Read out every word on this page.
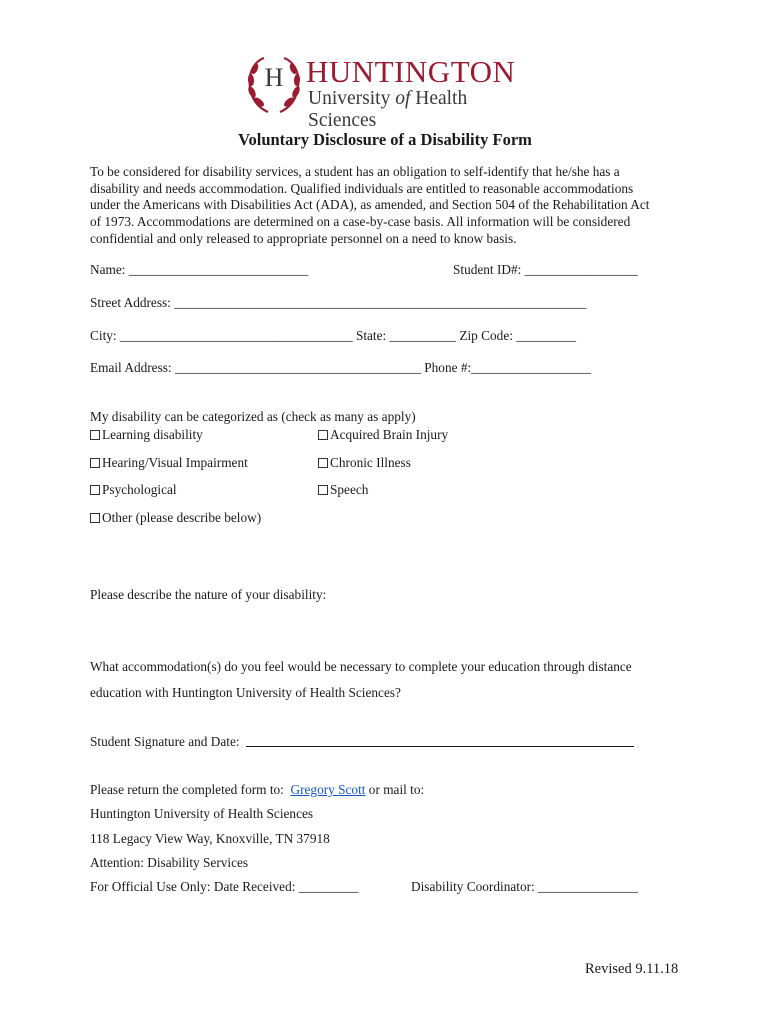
H HUNTINGTON
University of Health Sciences
Voluntary Disclosure of a Disability Form
To be considered for disability services, a student has an obligation to self-identify that he/she has a
disability and needs accommodation. Qualified individuals are entitled to reasonable accommodations
under the Americans with Disabilities Act (ADA), as amended, and Section 504 of the Rehabilitation Act
of 1973. Accommodations are determined on a case-by-case basis. All information will be considered
confidential and only released to appropriate personnel on a need to know basis.
Name: ___________________________	Student ID#: _________________
Street Address: ______________________________________________________________
City: ___________________________________ State: __________ Zip Code: _________
Email Address: _____________________________________ Phone #:__________________
My disability can be categorized as (check as many as apply)
Learning disability	Acquired Brain Injury
Hearing/Visual Impairment	Chronic Illness
Psychological	Speech
Other (please describe below)
Please describe the nature of your disability:
What accommodation(s) do you feel would be necessary to complete your education through distance
education with Huntington University of Health Sciences?
Student Signature and Date:
Please return the completed form to:  Gregory Scott or mail to:
Huntington University of Health Sciences
118 Legacy View Way, Knoxville, TN 37918
Attention: Disability Services
For Official Use Only: Date Received: _________	Disability Coordinator: _______________
Revised 9.11.18
